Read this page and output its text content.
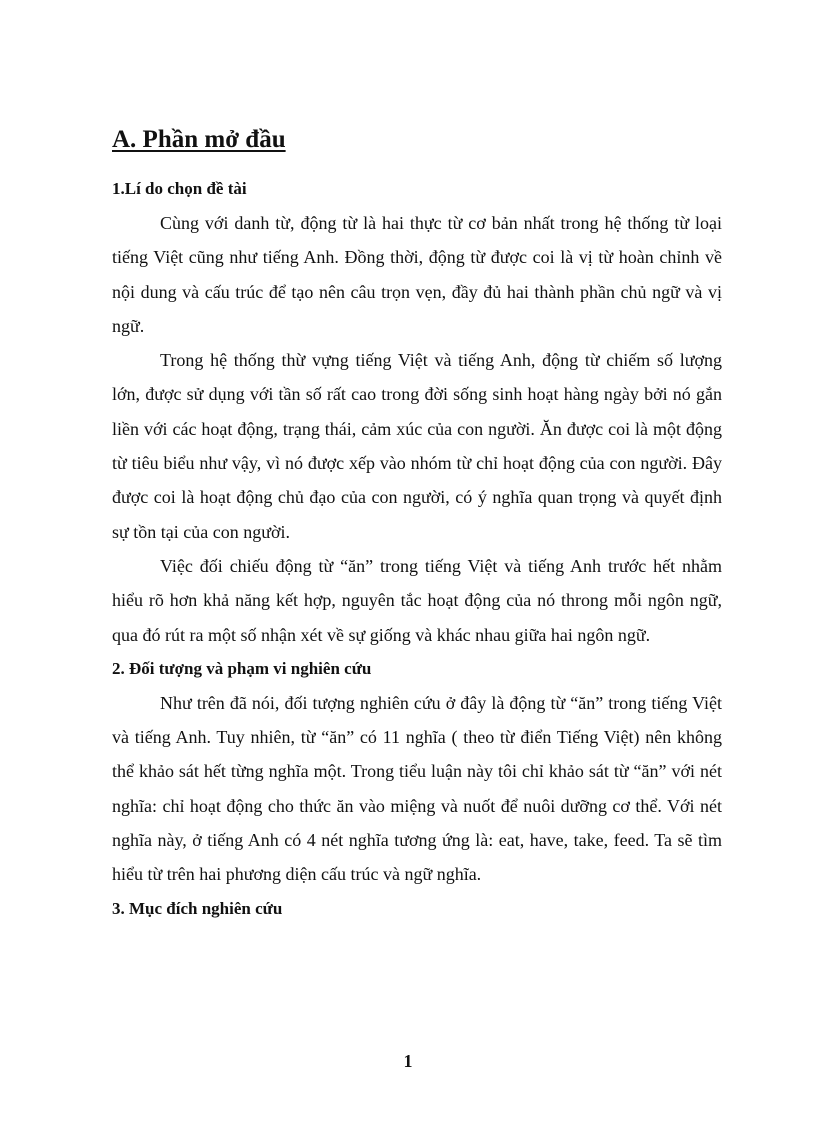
A. Phần mở đầu
1.Lí do chọn đề tài

Cùng với danh từ, động từ là hai thực từ cơ bản nhất trong hệ thống từ loại tiếng Việt cũng như tiếng Anh. Đồng thời, động từ được coi là vị từ hoàn chỉnh về nội dung và cấu trúc để tạo nên câu trọn vẹn, đầy đủ hai thành phần chủ ngữ và vị ngữ.

Trong hệ thống thừ vựng tiếng Việt và tiếng Anh, động từ chiếm số lượng lớn, được sử dụng với tần số rất cao trong đời sống sinh hoạt hàng ngày bởi nó gắn liền với các hoạt động, trạng thái, cảm xúc của con người. Ăn được coi là một động từ tiêu biểu như vậy, vì nó được xếp vào nhóm từ chỉ hoạt động của con người. Đây được coi là hoạt động chủ đạo của con người, có ý nghĩa quan trọng và quyết định sự tồn tại của con người.

Việc đối chiếu động từ “ăn” trong tiếng Việt và tiếng Anh trước hết nhằm hiểu rõ hơn khả năng kết hợp, nguyên tắc hoạt động của nó throng mỗi ngôn ngữ, qua đó rút ra một số nhận xét về sự giống và khác nhau giữa hai ngôn ngữ.

2. Đối tượng và phạm vi nghiên cứu

Như trên đã nói, đối tượng nghiên cứu ở đây là động từ “ăn” trong tiếng Việt và tiếng Anh. Tuy nhiên, từ “ăn” có 11 nghĩa ( theo từ điển Tiếng Việt) nên không thể khảo sát hết từng nghĩa một. Trong tiểu luận này tôi chỉ khảo sát từ “ăn” với nét nghĩa: chỉ hoạt động cho thức ăn vào miệng và nuốt để nuôi dưỡng cơ thể. Với nét nghĩa này, ở tiếng Anh có 4 nét nghĩa tương ứng là: eat, have, take, feed. Ta sẽ tìm hiểu từ trên hai phương diện cấu trúc và ngữ nghĩa.

3. Mục đích nghiên cứu
1
